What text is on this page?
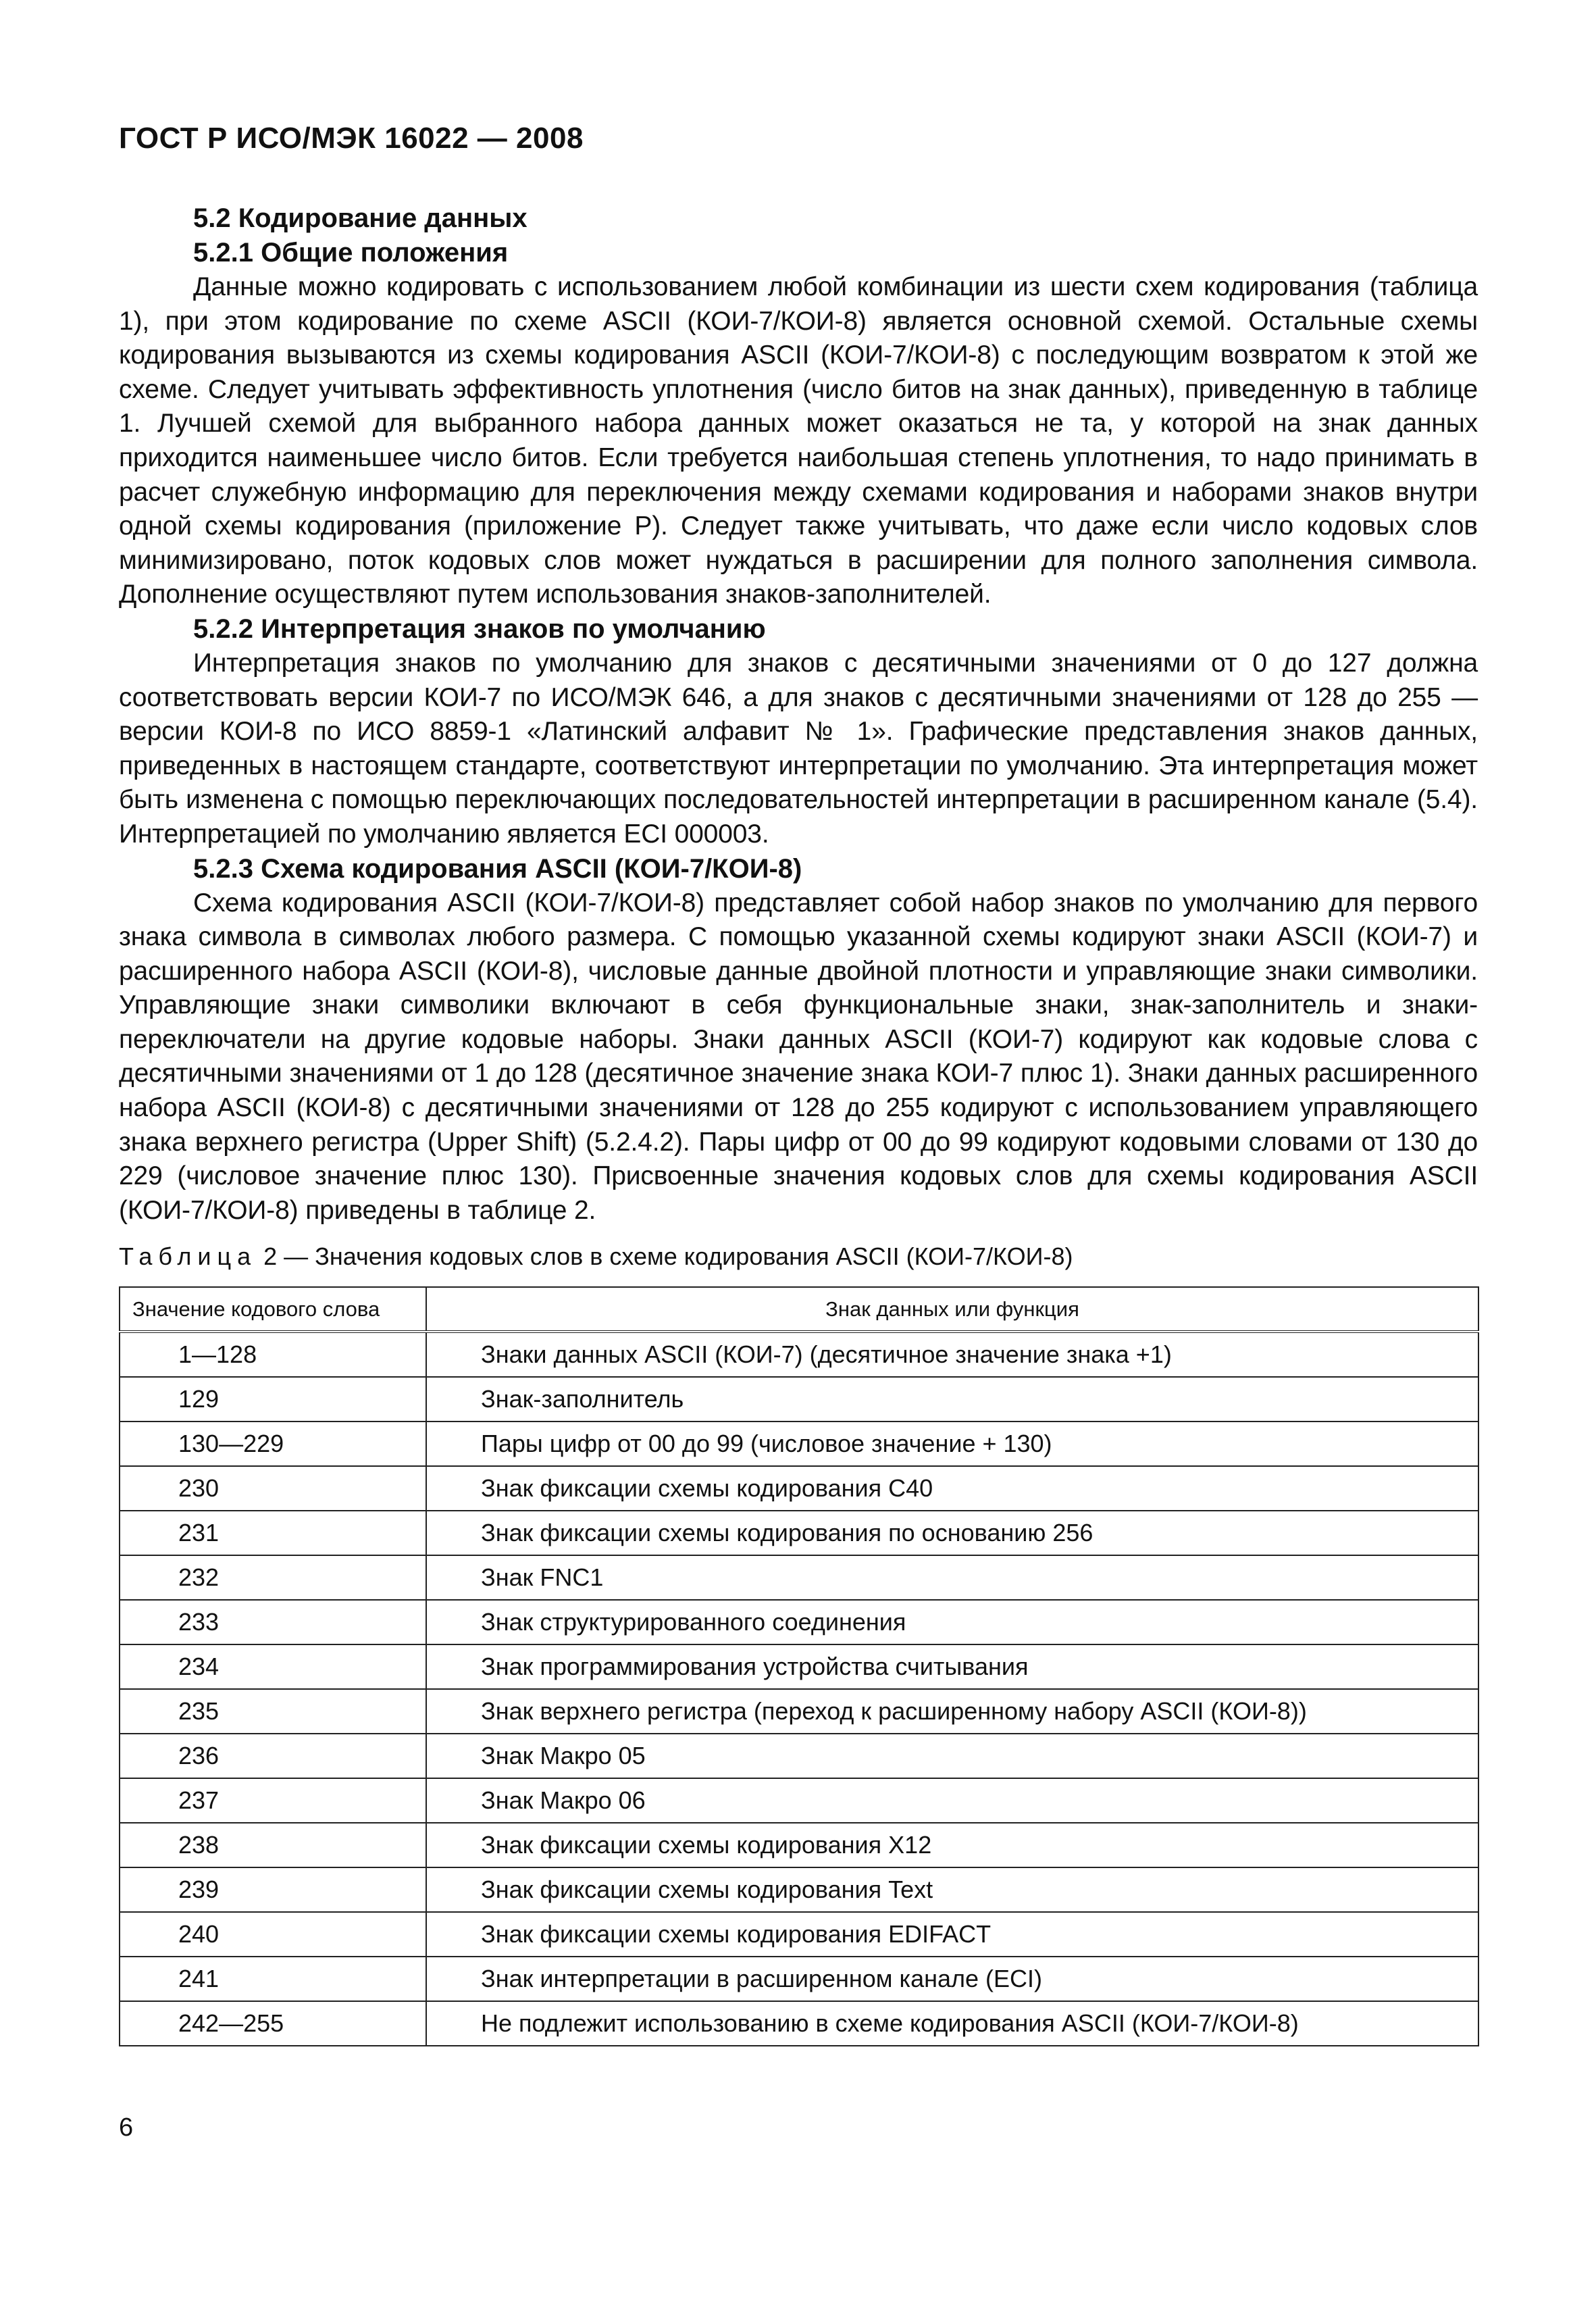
ГОСТ Р ИСО/МЭК 16022 — 2008
5.2 Кодирование данных
5.2.1 Общие положения

Данные можно кодировать с использованием любой комбинации из шести схем кодирования (таблица 1), при этом кодирование по схеме ASCII (КОИ-7/КОИ-8) является основной схемой. Остальные схемы кодирования вызываются из схемы кодирования ASCII (КОИ-7/КОИ-8) с последующим возвратом к этой же схеме. Следует учитывать эффективность уплотнения (число битов на знак данных), приведенную в таблице 1. Лучшей схемой для выбранного набора данных может оказаться не та, у которой на знак данных приходится наименьшее число битов. Если требуется наибольшая степень уплотнения, то надо принимать в расчет служебную информацию для переключения между схемами кодирования и наборами знаков внутри одной схемы кодирования (приложение Р). Следует также учитывать, что даже если число кодовых слов минимизировано, поток кодовых слов может нуждаться в расширении для полного заполнения символа. Дополнение осуществляют путем использования знаков-заполнителей.

5.2.2 Интерпретация знаков по умолчанию

Интерпретация знаков по умолчанию для знаков с десятичными значениями от 0 до 127 должна соответствовать версии КОИ-7 по ИСО/МЭК 646, а для знаков с десятичными значениями от 128 до 255 — версии КОИ-8 по ИСО 8859-1 «Латинский алфавит № 1». Графические представления знаков данных, приведенных в настоящем стандарте, соответствуют интерпретации по умолчанию. Эта интерпретация может быть изменена с помощью переключающих последовательностей интерпретации в расширенном канале (5.4). Интерпретацией по умолчанию является ECI 000003.

5.2.3 Схема кодирования ASCII (КОИ-7/КОИ-8)

Схема кодирования ASCII (КОИ-7/КОИ-8) представляет собой набор знаков по умолчанию для первого знака символа в символах любого размера. С помощью указанной схемы кодируют знаки ASCII (КОИ-7) и расширенного набора ASCII (КОИ-8), числовые данные двойной плотности и управляющие знаки символики. Управляющие знаки символики включают в себя функциональные знаки, знак-заполнитель и знаки-переключатели на другие кодовые наборы. Знаки данных ASCII (КОИ-7) кодируют как кодовые слова с десятичными значениями от 1 до 128 (десятичное значение знака КОИ-7 плюс 1). Знаки данных расширенного набора ASCII (КОИ-8) с десятичными значениями от 128 до 255 кодируют с использованием управляющего знака верхнего регистра (Upper Shift) (5.2.4.2). Пары цифр от 00 до 99 кодируют кодовыми словами от 130 до 229 (числовое значение плюс 130). Присвоенные значения кодовых слов для схемы кодирования ASCII (КОИ-7/КОИ-8) приведены в таблице 2.

Таблица 2 — Значения кодовых слов в схеме кодирования ASCII (КОИ-7/КОИ-8)
Значение кодового слова	Знак данных или функция
1—128	Знаки данных ASCII (КОИ-7) (десятичное значение знака +1)
129	Знак-заполнитель
130—229	Пары цифр от 00 до 99 (числовое значение + 130)
230	Знак фиксации схемы кодирования С40
231	Знак фиксации схемы кодирования по основанию 256
232	Знак FNC1
233	Знак структурированного соединения
234	Знак программирования устройства считывания
235	Знак верхнего регистра (переход к расширенному набору ASCII (КОИ-8))
236	Знак Макро 05
237	Знак Макро 06
238	Знак фиксации схемы кодирования Х12
239	Знак фиксации схемы кодирования Text
240	Знак фиксации схемы кодирования EDIFACT
241	Знак интерпретации в расширенном канале (ECI)
242—255	Не подлежит использованию в схеме кодирования ASCII (КОИ-7/КОИ-8)
6
